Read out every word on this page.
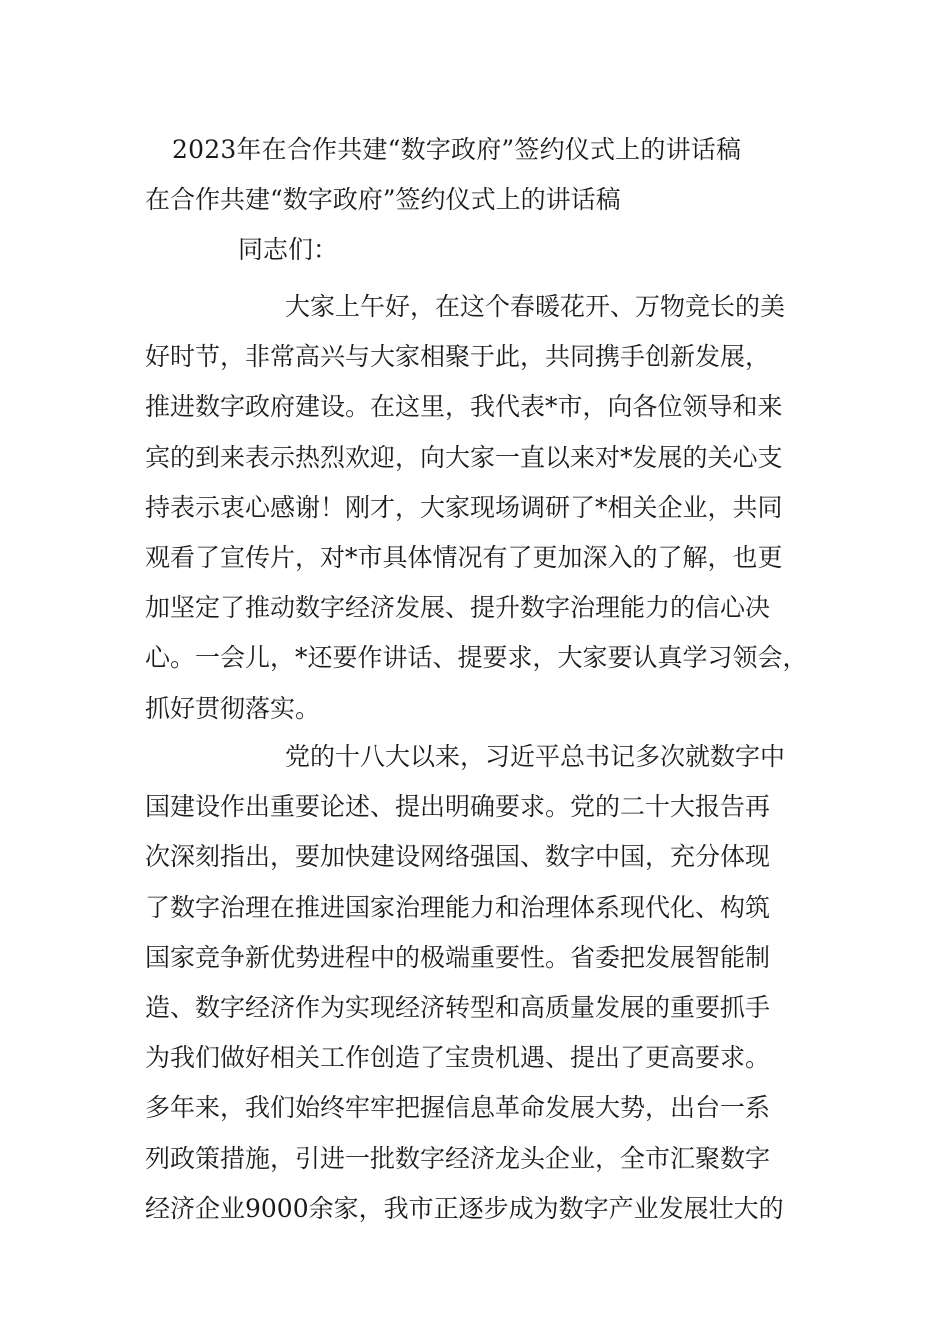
2023年在合作共建“数字政府”签约仪式上的讲话稿
在合作共建“数字政府”签约仪式上的讲话稿
同志们：
大家上午好，在这个春暖花开、万物竞长的美
好时节，非常高兴与大家相聚于此，共同携手创新发展，
推进数字政府建设。在这里，我代表*市，向各位领导和来
宾的到来表示热烈欢迎，向大家一直以来对*发展的关心支
持表示衷心感谢！刚才，大家现场调研了*相关企业，共同
观看了宣传片，对*市具体情况有了更加深入的了解，也更
加坚定了推动数字经济发展、提升数字治理能力的信心决
心。一会儿，*还要作讲话、提要求，大家要认真学习领会，
抓好贯彻落实。
党的十八大以来，习近平总书记多次就数字中
国建设作出重要论述、提出明确要求。党的二十大报告再
次深刻指出，要加快建设网络强国、数字中国，充分体现
了数字治理在推进国家治理能力和治理体系现代化、构筑
国家竞争新优势进程中的极端重要性。省委把发展智能制
造、数字经济作为实现经济转型和高质量发展的重要抓手
为我们做好相关工作创造了宝贵机遇、提出了更高要求。
多年来，我们始终牢牢把握信息革命发展大势，出台一系
列政策措施，引进一批数字经济龙头企业，全市汇聚数字
经济企业9000余家，我市正逐步成为数字产业发展壮大的
